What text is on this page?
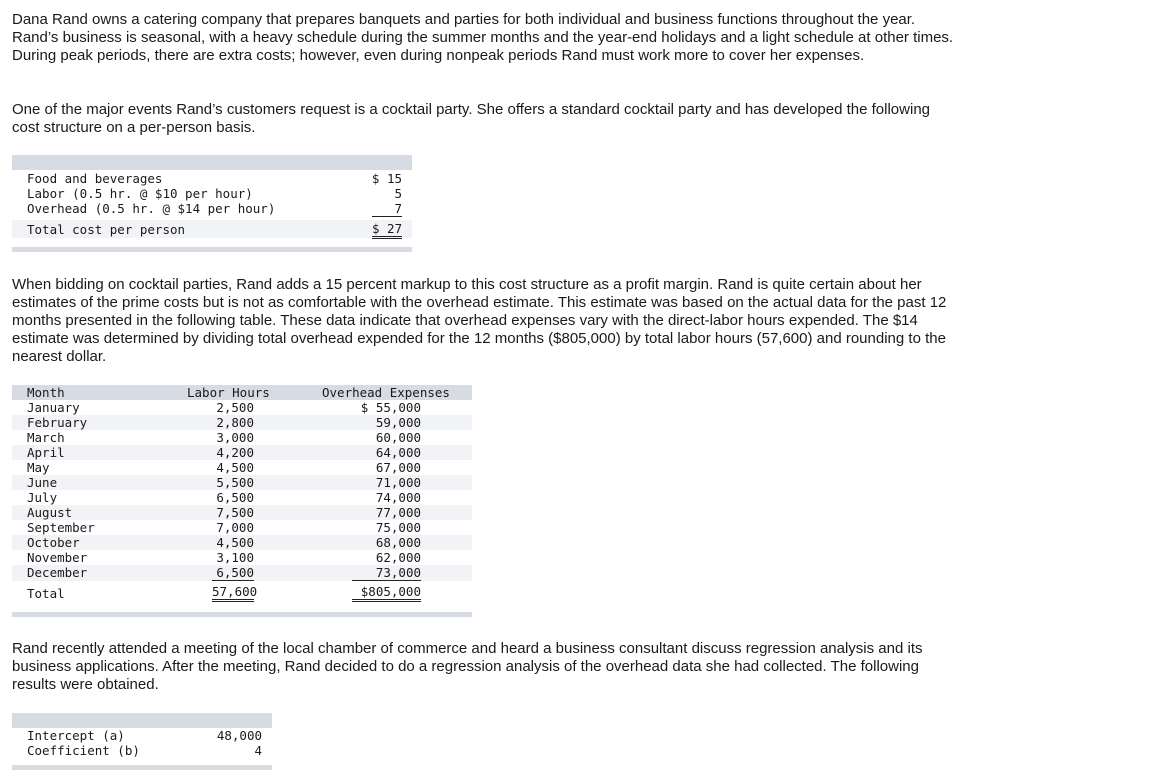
Dana Rand owns a catering company that prepares banquets and parties for both individual and business functions throughout the year. Rand’s business is seasonal, with a heavy schedule during the summer months and the year-end holidays and a light schedule at other times. During peak periods, there are extra costs; however, even during nonpeak periods Rand must work more to cover her expenses.

One of the major events Rand’s customers request is a cocktail party. She offers a standard cocktail party and has developed the following cost structure on a per-person basis.

Food and beverages	$ 15
Labor (0.5 hr. @ $10 per hour)	5
Overhead (0.5 hr. @ $14 per hour)	7
Total cost per person	$ 27

When bidding on cocktail parties, Rand adds a 15 percent markup to this cost structure as a profit margin. Rand is quite certain about her estimates of the prime costs but is not as comfortable with the overhead estimate. This estimate was based on the actual data for the past 12 months presented in the following table. These data indicate that overhead expenses vary with the direct-labor hours expended. The $14 estimate was determined by dividing total overhead expended for the 12 months ($805,000) by total labor hours (57,600) and rounding to the nearest dollar.

Month	Labor Hours	Overhead Expenses
January	2,500	$ 55,000
February	2,800	59,000
March	3,000	60,000
April	4,200	64,000
May	4,500	67,000
June	5,500	71,000
July	6,500	74,000
August	7,500	77,000
September	7,000	75,000
October	4,500	68,000
November	3,100	62,000
December	6,500	73,000
Total	57,600	$805,000

Rand recently attended a meeting of the local chamber of commerce and heard a business consultant discuss regression analysis and its business applications. After the meeting, Rand decided to do a regression analysis of the overhead data she had collected. The following results were obtained.

Intercept (a)	48,000
Coefficient (b)	4
